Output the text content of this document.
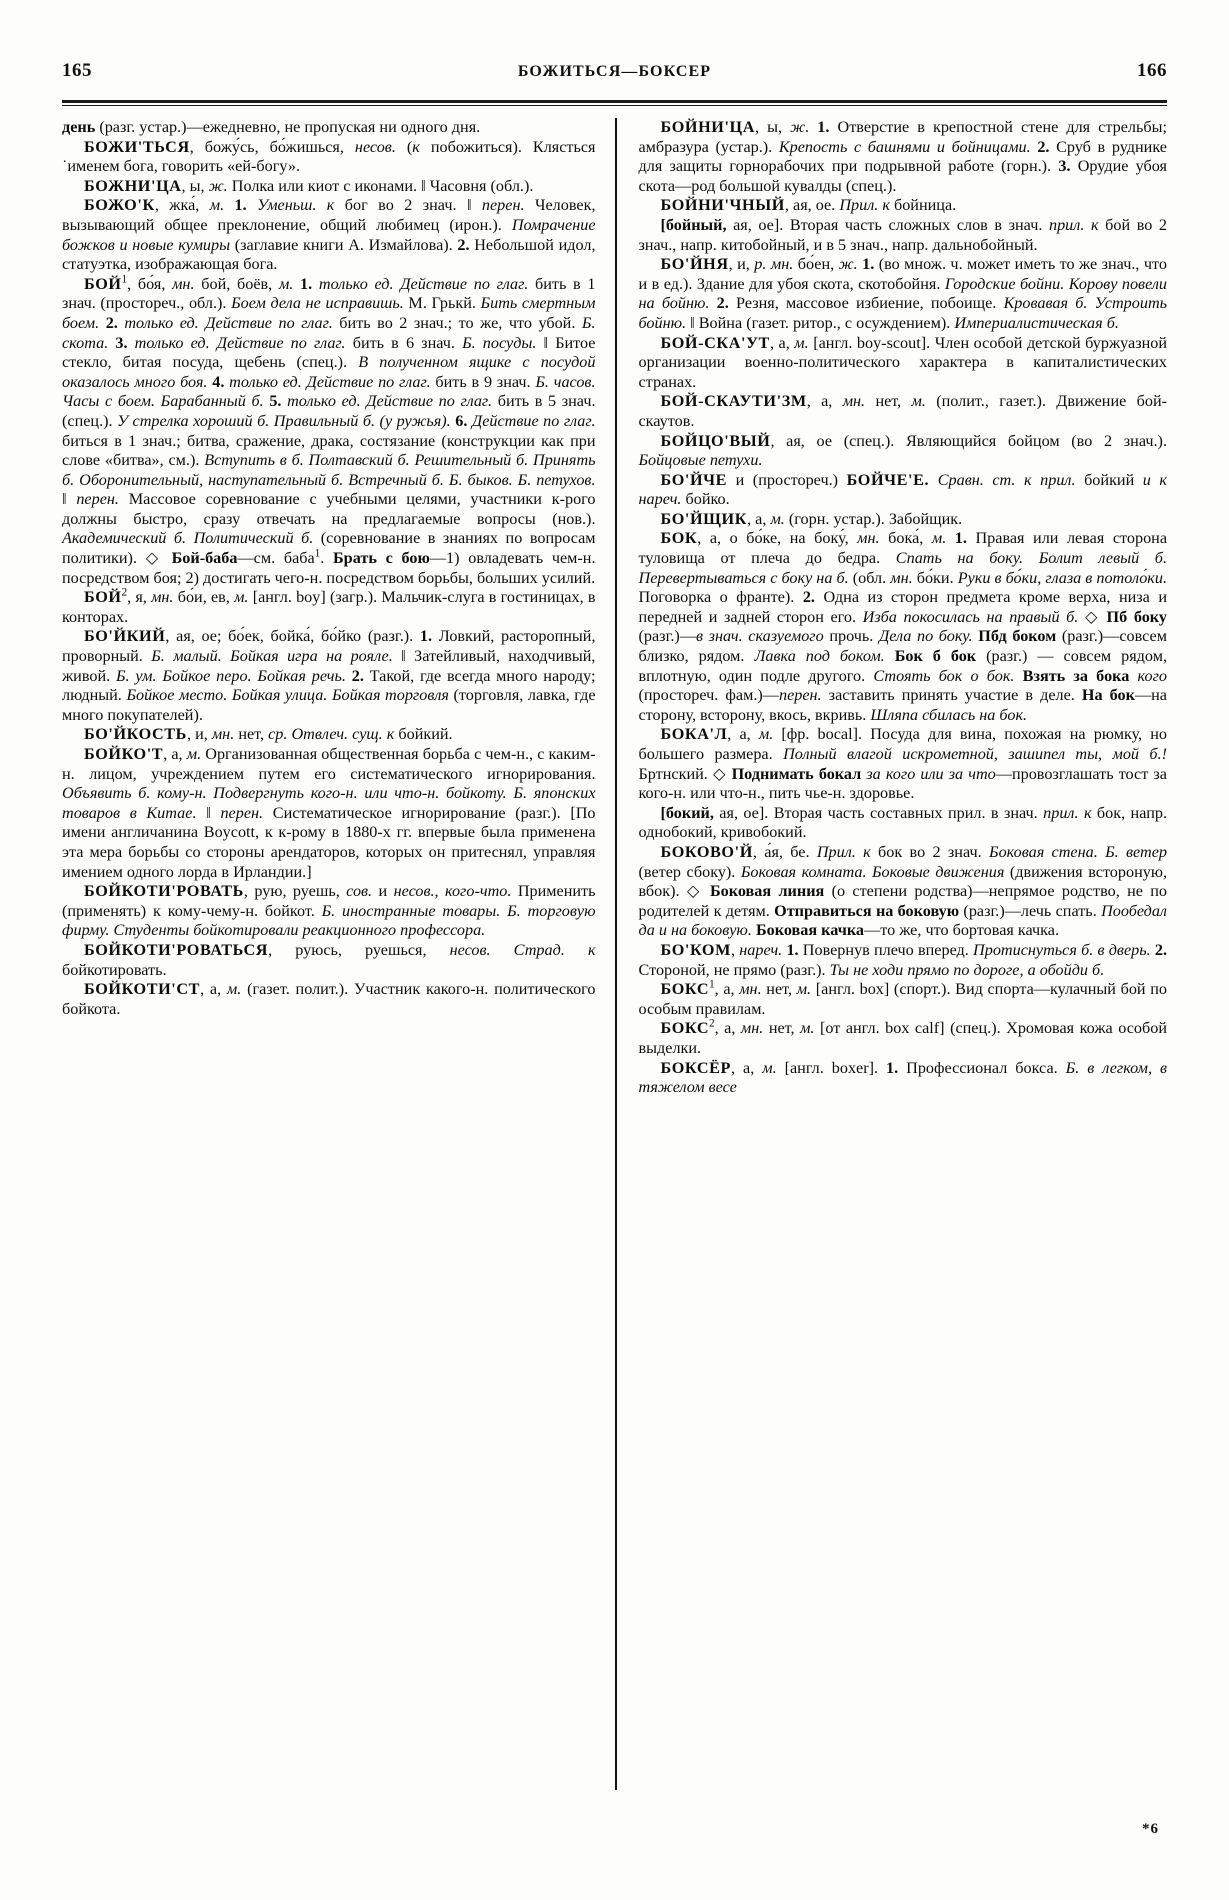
165	БОЖИТЬСЯ—БОКСЕР	166

день (разг. устар.)—ежедневно, не пропуская ни одного дня.

БОЖИ'ТЬСЯ, божу́сь, бо́жишься, несов. (к побожиться). Клясться ˙именем бога, говорить «ей-богу».

БОЖНИ'ЦА, ы, ж. Полка или киот с иконами. ‖ Часовня (обл.).

БОЖО'К, жка́, м. 1. Уменьш. к бог во 2 знач. ‖ перен. Человек, вызывающий общее преклонение, общий любимец (ирон.). Помрачение божков и новые кумиры (заглавие книги А. Измайлова). 2. Небольшой идол, статуэтка, изображающая бога.

БОЙ$^1$, бо́я, мн. бой, боёв, м. 1. только ед. Действие по глаг. бить в 1 знач. (простореч., обл.). Боем дела не исправишь. М. Грькй. Бить смертным боем. 2. только ед. Действие по глаг. бить во 2 знач.; то же, что убой. Б. скота. 3. только ед. Действие по глаг. бить в 6 знач. Б. посуды. ‖ Битое стекло, битая посуда, щебень (спец.). В полученном ящике с посудой оказалось много боя. 4. только ед. Действие по глаг. бить в 9 знач. Б. часов. Часы с боем. Барабанный б. 5. только ед. Действие по глаг. бить в 5 знач. (спец.). У стрелка хороший б. Правильный б. (у ружья). 6. Действие по глаг. биться в 1 знач.; битва, сражение, драка, состязание (конструкции как при слове «битва», см.). Вступить в б. Полтавский б. Решительный б. Принять б. Оборонительный, наступательный б. Встречный б. Б. быков. Б. петухов. ‖ перен. Массовое соревнование с учебными целями, участники к-рого должны быстро, сразу отвечать на предлагаемые вопросы (нов.). Академический б. Политический б. (соревнование в знаниях по вопросам политики). ◇ Бой-баба—см. баба$^1$. Брать с бою—1) овладевать чем-н. посредством боя; 2) достигать чего-н. посредством борьбы, больших усилий.

БОЙ$^2$, я, мн. бо́и, ев, м. [англ. boy] (загр.). Мальчик-слуга в гостиницах, в конторах.

БО'ЙКИЙ, ая, ое; бо́ек, бойка́, бо́йко (разг.). 1. Ловкий, расторопный, проворный. Б. малый. Бойкая игра на рояле. ‖ Затейливый, находчивый, живой. Б. ум. Бойкое перо. Бойкая речь. 2. Такой, где всегда много народу; людный. Бойкое место. Бойкая улица. Бойкая торговля (торговля, лавка, где много покупателей).

БО'ЙКОСТЬ, и, мн. нет, ср. Отвлеч. сущ. к бойкий.

БОЙКО'Т, а, м. Организованная общественная борьба с чем-н., с каким-н. лицом, учреждением путем его систематического игнорирования. Объявить б. кому-н. Подвергнуть кого-н. или что-н. бойкоту. Б. японских товаров в Китае. ‖ перен. Систематическое игнорирование (разг.). [По имени англичанина Boycott, к к-рому в 1880-х гг. впервые была применена эта мера борьбы со стороны арендаторов, которых он притеснял, управляя имением одного лорда в Ирландии.]

БОЙКОТИ'РОВАТЬ, рую, руешь, сов. и несов., кого-что. Применить (применять) к кому-чему-н. бойкот. Б. иностранные товары. Б. торговую фирму. Студенты бойкотировали реакционного профессора.

БОЙКОТИ'РОВАТЬСЯ, руюсь, руешься, несов. Страд. к бойкотировать.

БОЙКОТИ'СТ, а, м. (газет. полит.). Участник какого-н. политического бойкота.

БОЙНИ'ЦА, ы, ж. 1. Отверстие в крепостной стене для стрельбы; амбразура (устар.). Крепость с башнями и бойницами. 2. Сруб в руднике для защиты горнорабочих при подрывной работе (горн.). 3. Орудие убоя скота—род большой кувалды (спец.).

БОЙНИ'ЧНЫЙ, ая, ое. Прил. к бойница.

[бойный, ая, ое]. Вторая часть сложных слов в знач. прил. к бой во 2 знач., напр. китобойный, и в 5 знач., напр. дальнобойный.

БО'ЙНЯ, и, р. мн. бо́ен, ж. 1. (во множ. ч. может иметь то же знач., что и в ед.). Здание для убоя скота, скотобойня. Городские бойни. Корову повели на бойню. 2. Резня, массовое избиение, побоище. Кровавая б. Устроить бойню. ‖ Война (газет. ритор., с осуждением). Империалистическая б.

БОЙ-СКА'УТ, а, м. [англ. boy-scout]. Член особой детской буржуазной организации военно-политического характера в капиталистических странах.

БОЙ-СКАУТИ'ЗМ, а, мн. нет, м. (полит., газет.). Движение бой-скаутов.

БОЙЦО'ВЫЙ, ая, ое (спец.). Являющийся бойцом (во 2 знач.). Бойцовые петухи.

БО'ЙЧЕ и (простореч.) БОЙЧЕ'Е. Сравн. ст. к прил. бойкий и к нареч. бойко.

БО'ЙЩИК, а, м. (горн. устар.). Забойщик.

БОК, а, о бо́ке, на боку́, мн. бока́, м. 1. Правая или левая сторона туловища от плеча до бедра. Спать на боку. Болит левый б. Перевертываться с боку на б. (обл. мн. бо́ки. Руки в бо́ки, глаза в потоло́ки. Поговорка о франте). 2. Одна из сторон предмета кроме верха, низа и передней и задней сторон его. Изба покосилась на правый б. ◇ Пб боку (разг.)—в знач. сказуемого прочь. Дела по боку. Пбд боком (разг.)—совсем близко, рядом. Лавка под боком. Бок б бок (разг.) — совсем рядом, вплотную, один подле другого. Стоять бок о бок. Взять за бока кого (простореч. фам.)—перен. заставить принять участие в деле. На бок—на сторону, всторону, вкось, вкривь. Шляпа сбилась на бок.

БОКА'Л, а, м. [фр. bocal]. Посуда для вина, похожая на рюмку, но большего размера. Полный влагой искрометной, зашипел ты, мой б.! Бртнский. ◇ Поднимать бокал за кого или за что—провозглашать тост за кого-н. или что-н., пить чье-н. здоровье.

[бокий, ая, ое]. Вторая часть составных прил. в знач. прил. к бок, напр. однобокий, кривобокий.

БОКОВО'Й, а́я, бе. Прил. к бок во 2 знач. Боковая стена. Б. ветер (ветер сбоку). Боковая комната. Боковые движения (движения встороную, вбок). ◇ Боковая линия (о степени родства)—непрямое родство, не по родителей к детям. Отправиться на боковую (разг.)—лечь спать. Пообедал да и на боковую. Боковая качка—то же, что бортовая качка.

БО'КОМ, нареч. 1. Повернув плечо вперед. Протиснуться б. в дверь. 2. Стороной, не прямо (разг.). Ты не ходи прямо по дороге, а обойди б.

БОКС$^1$, а, мн. нет, м. [англ. box] (спорт.). Вид спорта—кулачный бой по особым правилам.

БОКС$^2$, а, мн. нет, м. [от англ. box calf] (спец.). Хромовая кожа особой выделки.

БОКСЁР, а, м. [англ. boxer]. 1. Профессионал бокса. Б. в легком, в тяжелом весе

*6
